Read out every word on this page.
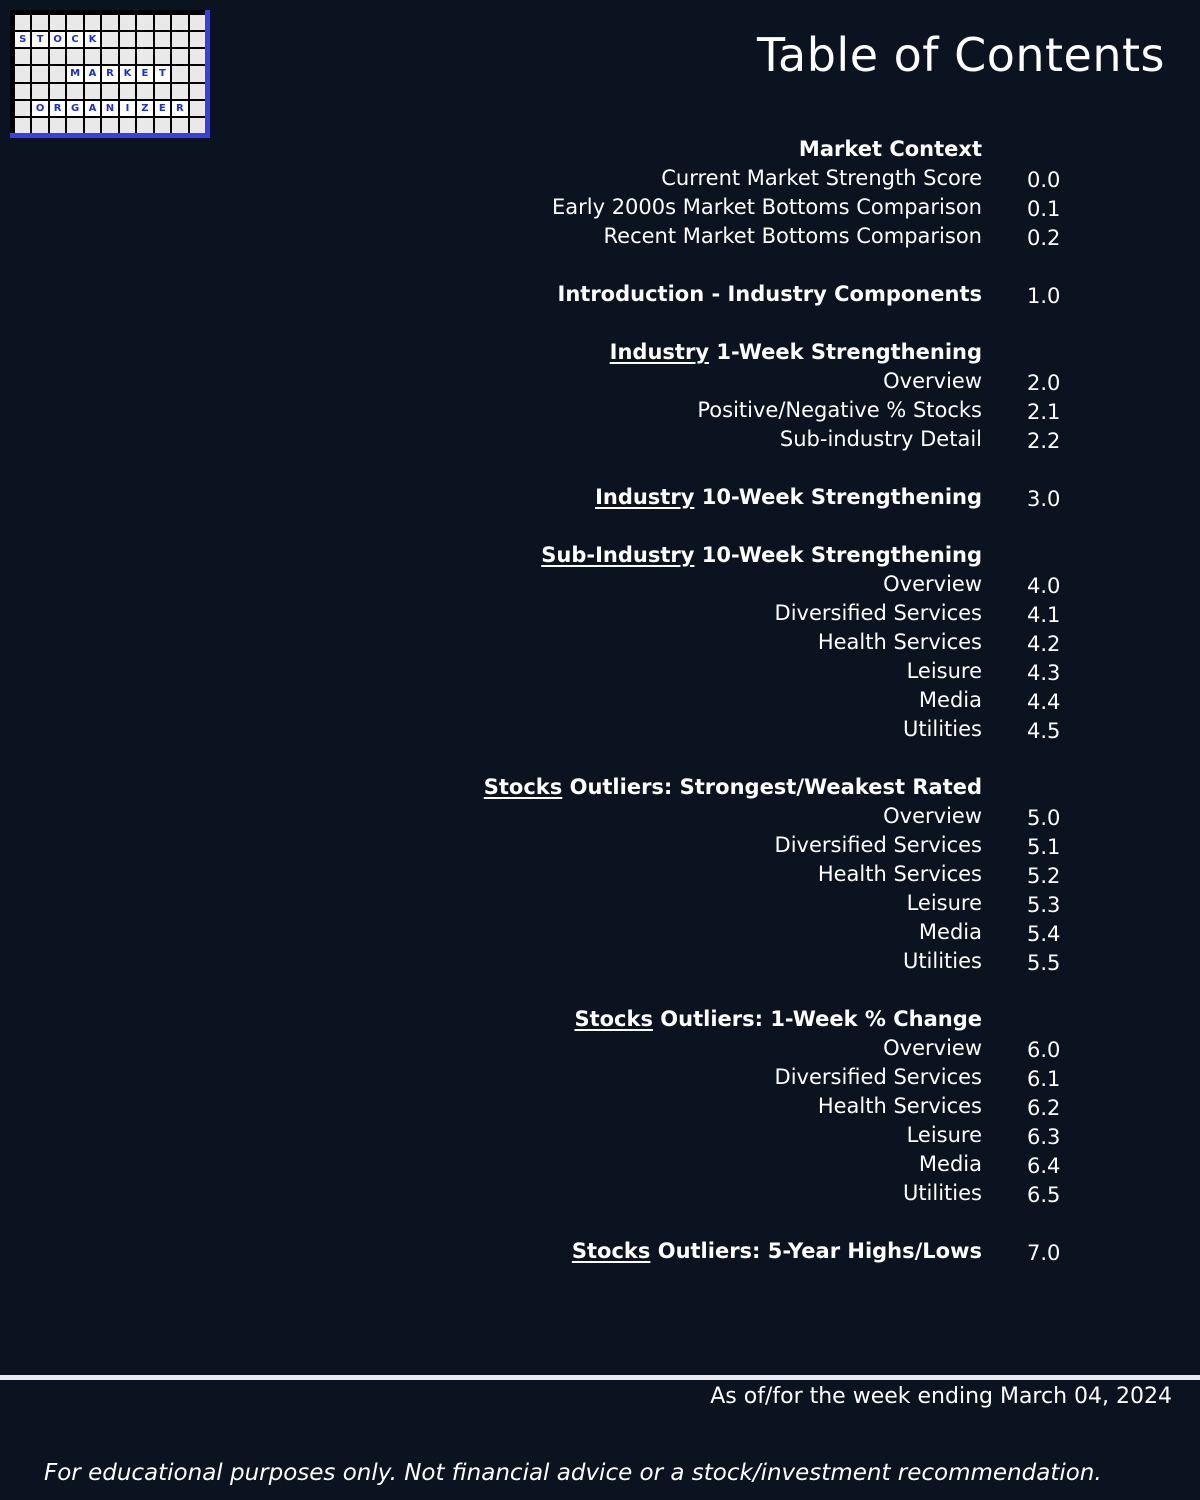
S	T O C K
M A R K	E	T
O R G A N	I	Z	E	R
Table of Contents
Market Context
Current Market Strength Score 0.0
Early 2000s Market Bottoms Comparison 0.1
Recent Market Bottoms Comparison 0.2
Introduction - Industry Components 1.0
Industry 1-Week Strengthening
Overview 2.0
Positive/Negative % Stocks 2.1
Sub-industry Detail 2.2
Industry 10-Week Strengthening 3.0
Sub-Industry 10-Week Strengthening
Overview 4.0
Diversified Services 4.1
Health Services 4.2
Leisure 4.3
Media 4.4
Utilities 4.5
Stocks Outliers: Strongest/Weakest Rated
Overview 5.0
Diversified Services 5.1
Health Services 5.2
Leisure 5.3
Media 5.4
Utilities 5.5
Stocks Outliers: 1-Week % Change
Overview 6.0
Diversified Services 6.1
Health Services 6.2
Leisure 6.3
Media 6.4
Utilities 6.5
Stocks Outliers: 5-Year Highs/Lows 7.0
As of/for the week ending March 04, 2024
For educational purposes only. Not financial advice or a stock/investment recommendation.
